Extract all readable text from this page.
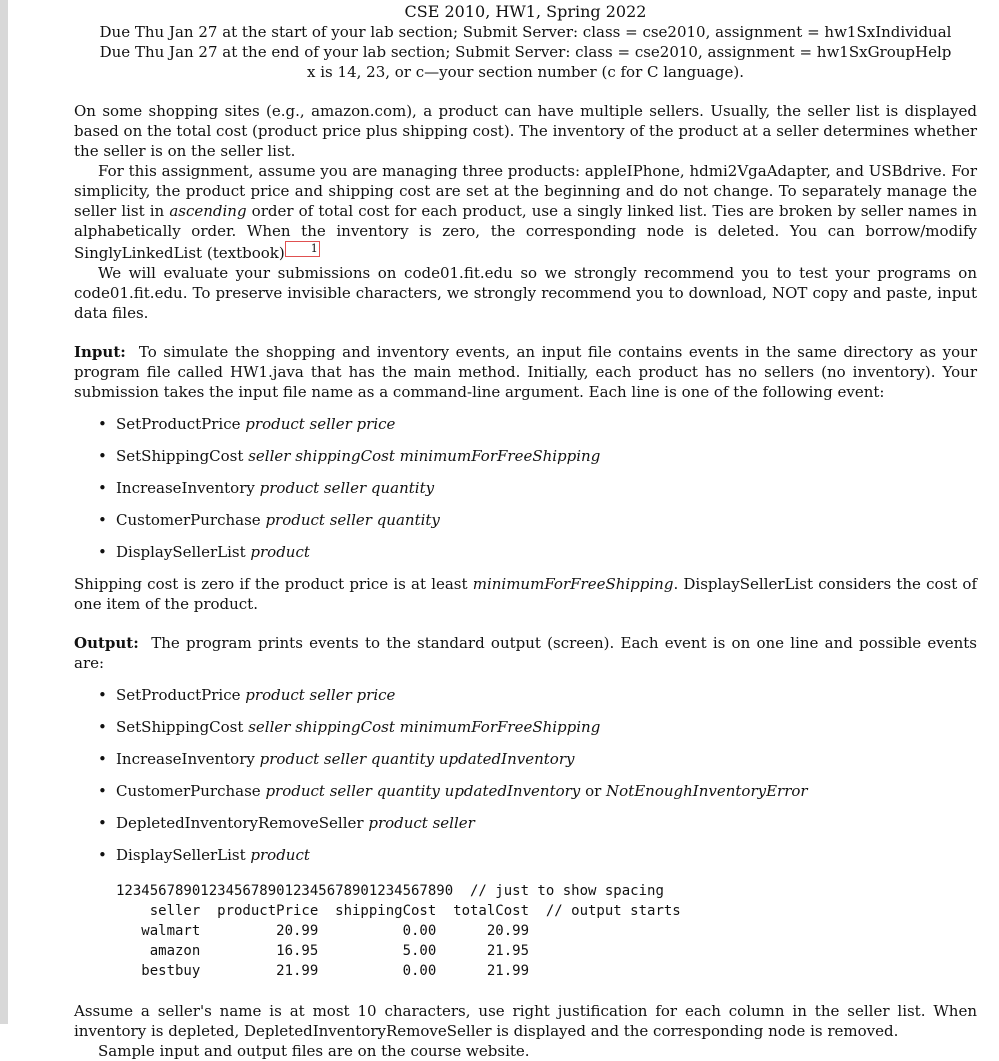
CSE 2010, HW1, Spring 2022
Due Thu Jan 27 at the start of your lab section; Submit Server: class = cse2010, assignment = hw1SxIndividual
Due Thu Jan 27 at the end of your lab section; Submit Server: class = cse2010, assignment = hw1SxGroupHelp
x is 14, 23, or c—your section number (c for C language).

On some shopping sites (e.g., amazon.com), a product can have multiple sellers. Usually, the seller list is displayed based on the total cost (product price plus shipping cost). The inventory of the product at a seller determines whether the seller is on the seller list.

For this assignment, assume you are managing three products: appleIPhone, hdmi2VgaAdapter, and USBdrive. For simplicity, the product price and shipping cost are set at the beginning and do not change. To separately manage the seller list in ascending order of total cost for each product, use a singly linked list. Ties are broken by seller names in alphabetically order. When the inventory is zero, the corresponding node is deleted. You can borrow/modify SinglyLinkedList (textbook) 1

We will evaluate your submissions on code01.fit.edu so we strongly recommend you to test your programs on code01.fit.edu. To preserve invisible characters, we strongly recommend you to download, NOT copy and paste, input data files.

Input: To simulate the shopping and inventory events, an input file contains events in the same directory as your program file called HW1.java that has the main method. Initially, each product has no sellers (no inventory). Your submission takes the input file name as a command-line argument. Each line is one of the following event:

• SetProductPrice product seller price
• SetShippingCost seller shippingCost minimumForFreeShipping
• IncreaseInventory product seller quantity
• CustomerPurchase product seller quantity
• DisplaySellerList product

Shipping cost is zero if the product price is at least minimumForFreeShipping. DisplaySellerList considers the cost of one item of the product.

Output: The program prints events to the standard output (screen). Each event is on one line and possible events are:

• SetProductPrice product seller price
• SetShippingCost seller shippingCost minimumForFreeShipping
• IncreaseInventory product seller quantity updatedInventory
• CustomerPurchase product seller quantity updatedInventory or NotEnoughInventoryError
• DepletedInventoryRemoveSeller product seller
• DisplaySellerList product
1234567890123456789012345678901234567890  // just to show spacing
seller  productPrice  shippingCost  totalCost  // output starts
walmart         20.99          0.00      20.99
amazon         16.95          5.00      21.95
bestbuy         21.99          0.00      21.99

Assume a seller's name is at most 10 characters, use right justification for each column in the seller list. When inventory is depleted, DepletedInventoryRemoveSeller is displayed and the corresponding node is removed.

Sample input and output files are on the course website.
